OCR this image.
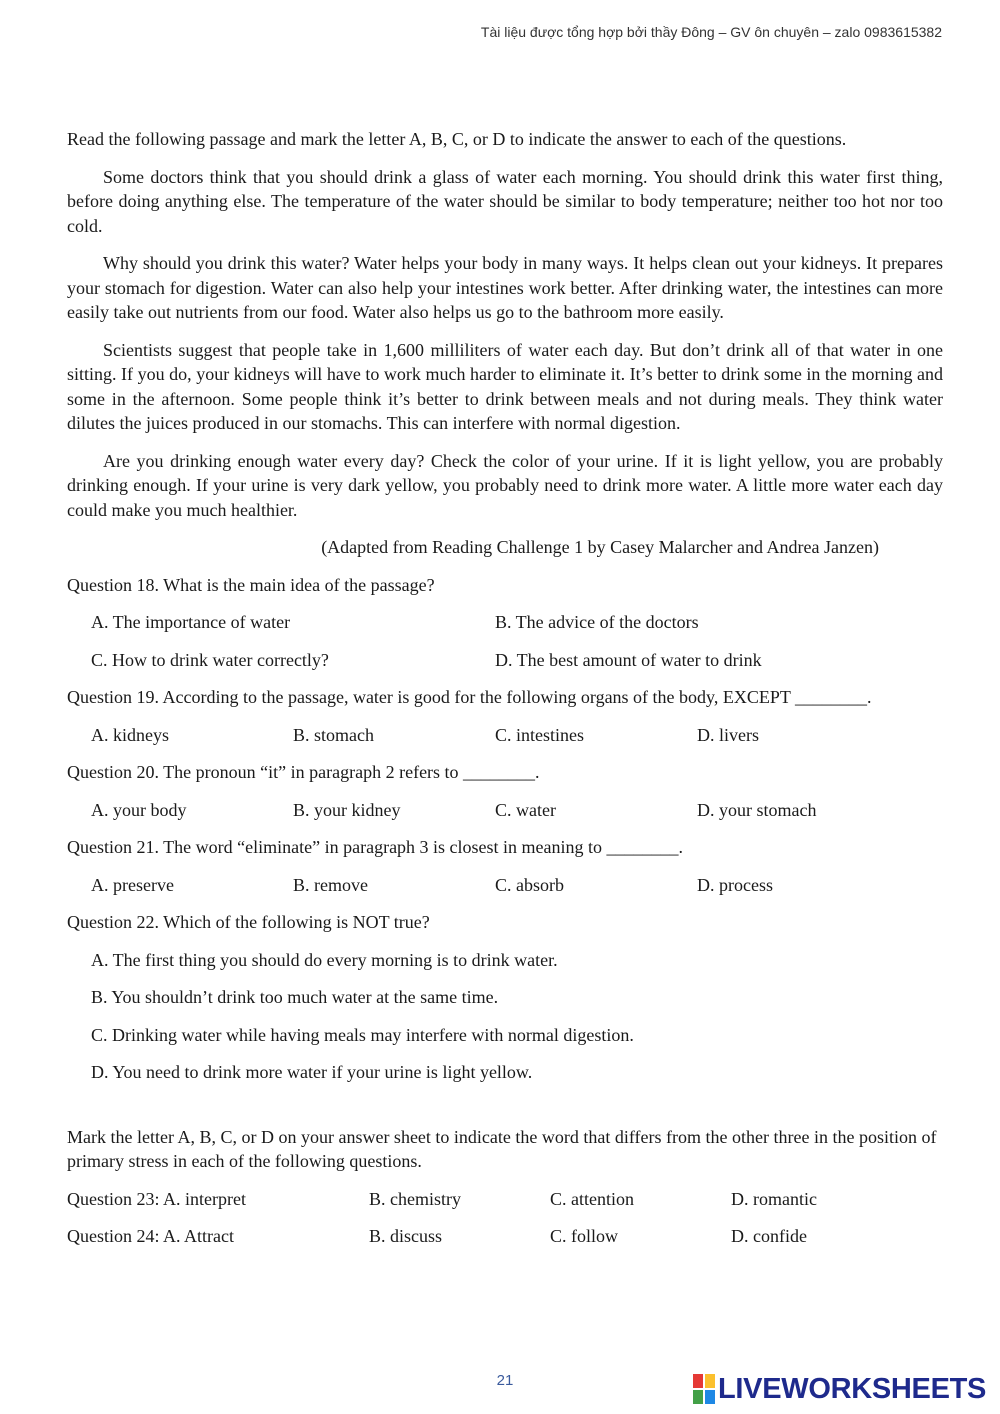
Tài liệu được tổng hợp bởi thầy Đông – GV ôn chuyên – zalo 0983615382

Read the following passage and mark the letter A, B, C, or D to indicate the answer to each of the questions.

Some doctors think that you should drink a glass of water each morning. You should drink this water first thing, before doing anything else. The temperature of the water should be similar to body temperature; neither too hot nor too cold.

Why should you drink this water? Water helps your body in many ways. It helps clean out your kidneys. It prepares your stomach for digestion. Water can also help your intestines work better. After drinking water, the intestines can more easily take out nutrients from our food. Water also helps us go to the bathroom more easily.

Scientists suggest that people take in 1,600 milliliters of water each day. But don’t drink all of that water in one sitting. If you do, your kidneys will have to work much harder to eliminate it. It’s better to drink some in the morning and some in the afternoon. Some people think it’s better to drink between meals and not during meals. They think water dilutes the juices produced in our stomachs. This can interfere with normal digestion.

Are you drinking enough water every day? Check the color of your urine. If it is light yellow, you are probably drinking enough. If your urine is very dark yellow, you probably need to drink more water. A little more water each day could make you much healthier.

(Adapted from Reading Challenge 1 by Casey Malarcher and Andrea Janzen)

Question 18. What is the main idea of the passage?

A. The importance of water	B. The advice of the doctors
C. How to drink water correctly?	D. The best amount of water to drink

Question 19. According to the passage, water is good for the following organs of the body, EXCEPT ________.

A. kidneys	B. stomach	C. intestines	D. livers

Question 20. The pronoun “it” in paragraph 2 refers to ________.

A. your body	B. your kidney	C. water	D. your stomach

Question 21. The word “eliminate” in paragraph 3 is closest in meaning to ________.

A. preserve	B. remove	C. absorb	D. process

Question 22. Which of the following is NOT true?

A. The first thing you should do every morning is to drink water.

B. You shouldn’t drink too much water at the same time.

C. Drinking water while having meals may interfere with normal digestion.

D. You need to drink more water if your urine is light yellow.

Mark the letter A, B, C, or D on your answer sheet to indicate the word that differs from the other three in the position of primary stress in each of the following questions.

Question 23: A. interpret	B. chemistry	C. attention	D. romantic
Question 24: A. Attract	B. discuss	C. follow	D. confide
21	LIVEWORKSHEETS
